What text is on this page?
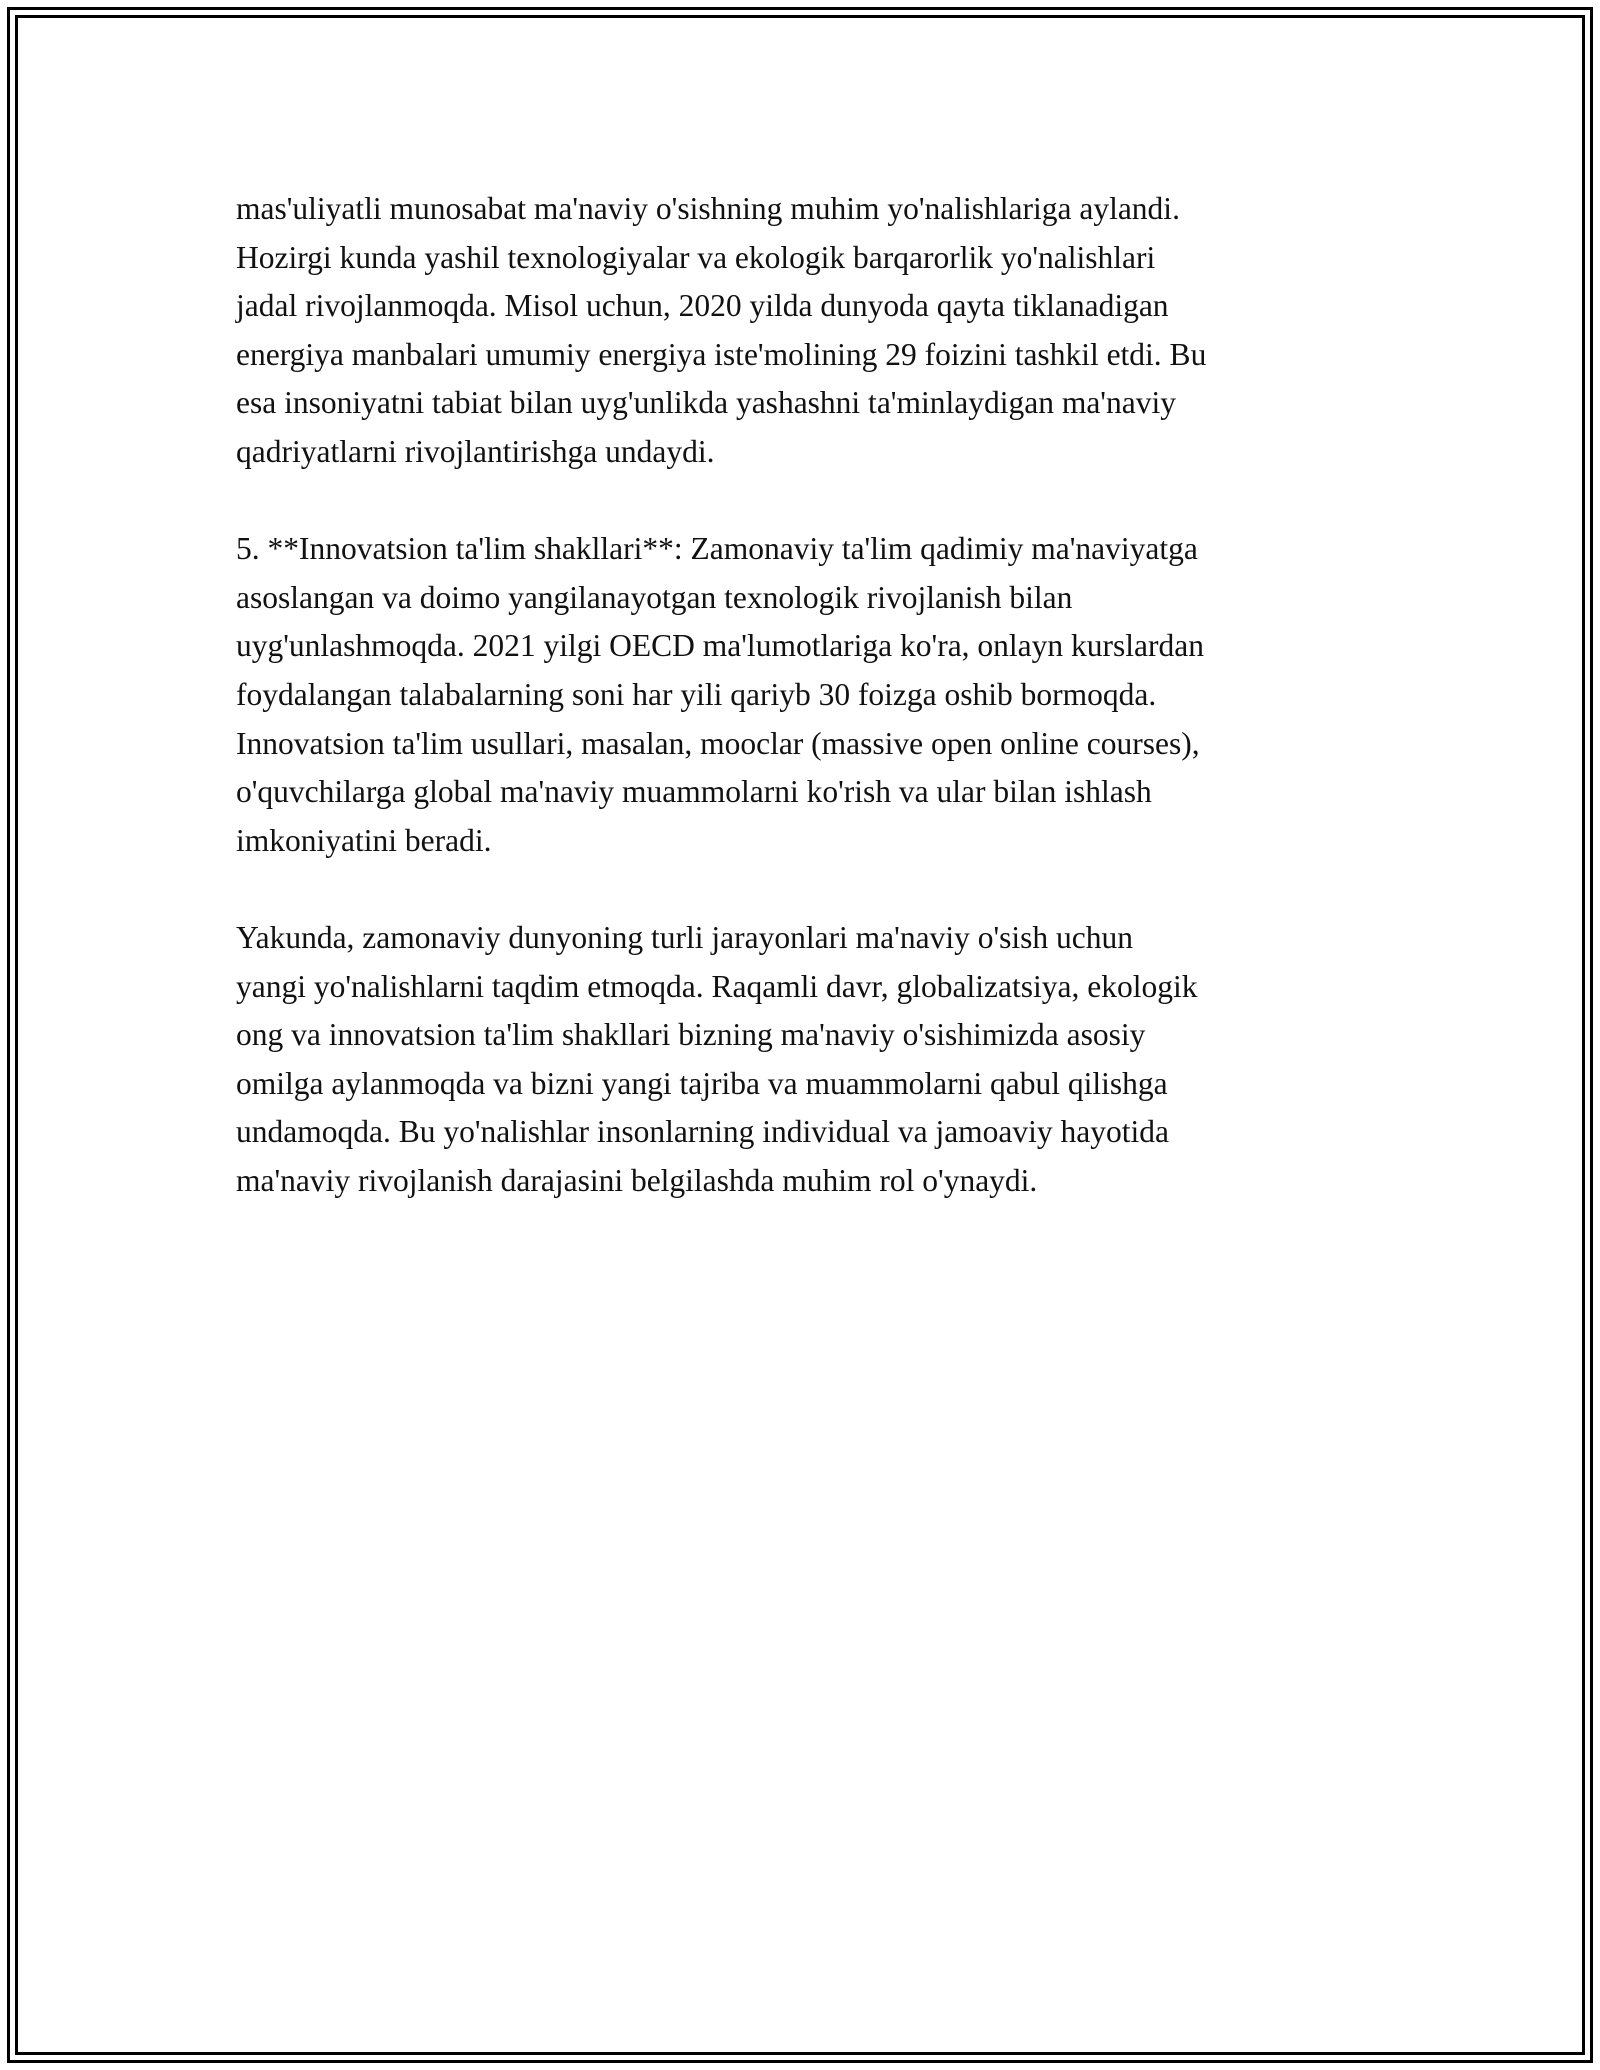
mas'uliyatli munosabat ma'naviy o'sishning muhim yo'nalishlariga aylandi.
Hozirgi kunda yashil texnologiyalar va ekologik barqarorlik yo'nalishlari
jadal rivojlanmoqda. Misol uchun, 2020 yilda dunyoda qayta tiklanadigan
energiya manbalari umumiy energiya iste'molining 29 foizini tashkil etdi. Bu
esa insoniyatni tabiat bilan uyg'unlikda yashashni ta'minlaydigan ma'naviy
qadriyatlarni rivojlantirishga undaydi.

5. **Innovatsion ta'lim shakllari**: Zamonaviy ta'lim qadimiy ma'naviyatga
asoslangan va doimo yangilanayotgan texnologik rivojlanish bilan
uyg'unlashmoqda. 2021 yilgi OECD ma'lumotlariga ko'ra, onlayn kurslardan
foydalangan talabalarning soni har yili qariyb 30 foizga oshib bormoqda.
Innovatsion ta'lim usullari, masalan, mooclar (massive open online courses),
o'quvchilarga global ma'naviy muammolarni ko'rish va ular bilan ishlash
imkoniyatini beradi.

Yakunda, zamonaviy dunyoning turli jarayonlari ma'naviy o'sish uchun
yangi yo'nalishlarni taqdim etmoqda. Raqamli davr, globalizatsiya, ekologik
ong va innovatsion ta'lim shakllari bizning ma'naviy o'sishimizda asosiy
omilga aylanmoqda va bizni yangi tajriba va muammolarni qabul qilishga
undamoqda. Bu yo'nalishlar insonlarning individual va jamoaviy hayotida
ma'naviy rivojlanish darajasini belgilashda muhim rol o'ynaydi.
